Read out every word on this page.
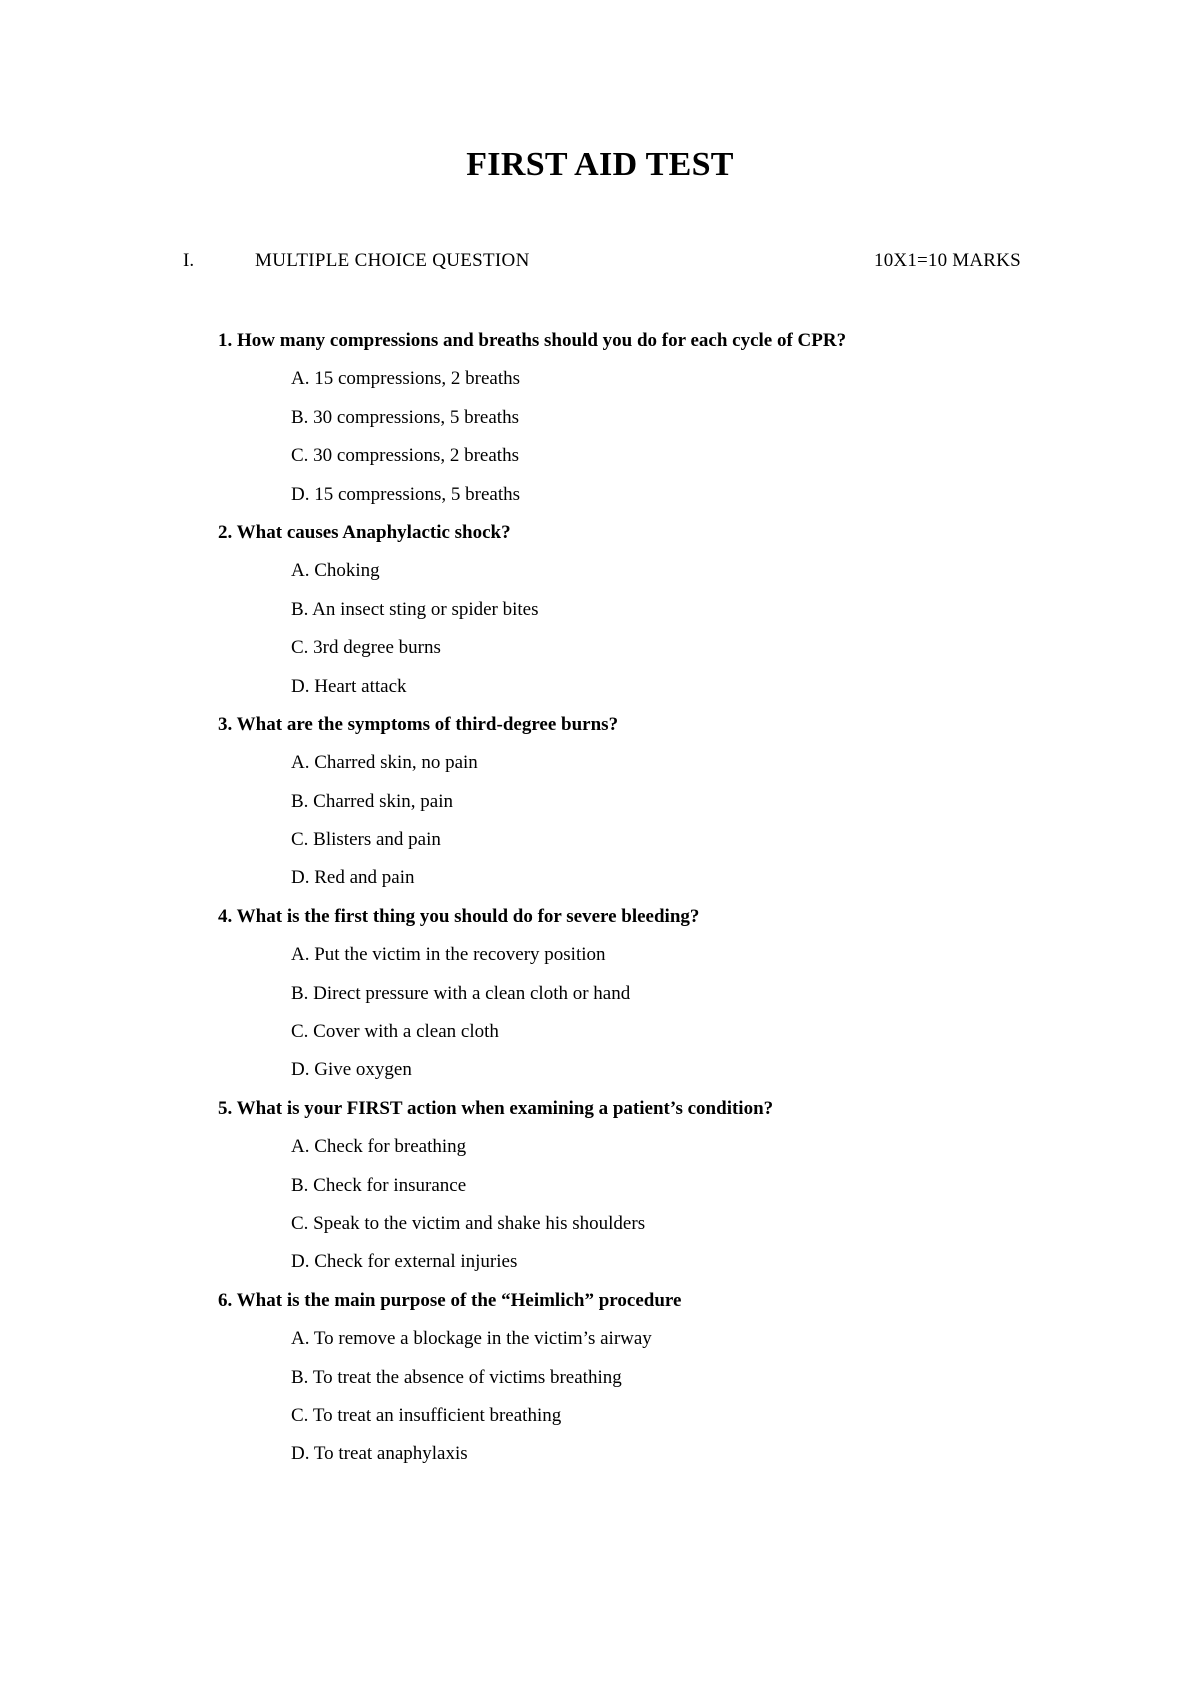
FIRST AID TEST
I.	MULTIPLE CHOICE QUESTION	10X1=10 MARKS
1. How many compressions and breaths should you do for each cycle of CPR?
A. 15 compressions, 2 breaths
B. 30 compressions, 5 breaths
C. 30 compressions, 2 breaths
D. 15 compressions, 5 breaths
2. What causes Anaphylactic shock?
A. Choking
B. An insect sting or spider bites
C. 3rd degree burns
D. Heart attack
3. What are the symptoms of third-degree burns?
A. Charred skin, no pain
B. Charred skin, pain
C. Blisters and pain
D. Red and pain
4. What is the first thing you should do for severe bleeding?
A. Put the victim in the recovery position
B. Direct pressure with a clean cloth or hand
C. Cover with a clean cloth
D. Give oxygen
5. What is your FIRST action when examining a patient’s condition?
A. Check for breathing
B. Check for insurance
C. Speak to the victim and shake his shoulders
D. Check for external injuries
6. What is the main purpose of the “Heimlich” procedure
A. To remove a blockage in the victim’s airway
B. To treat the absence of victims breathing
C. To treat an insufficient breathing
D. To treat anaphylaxis
